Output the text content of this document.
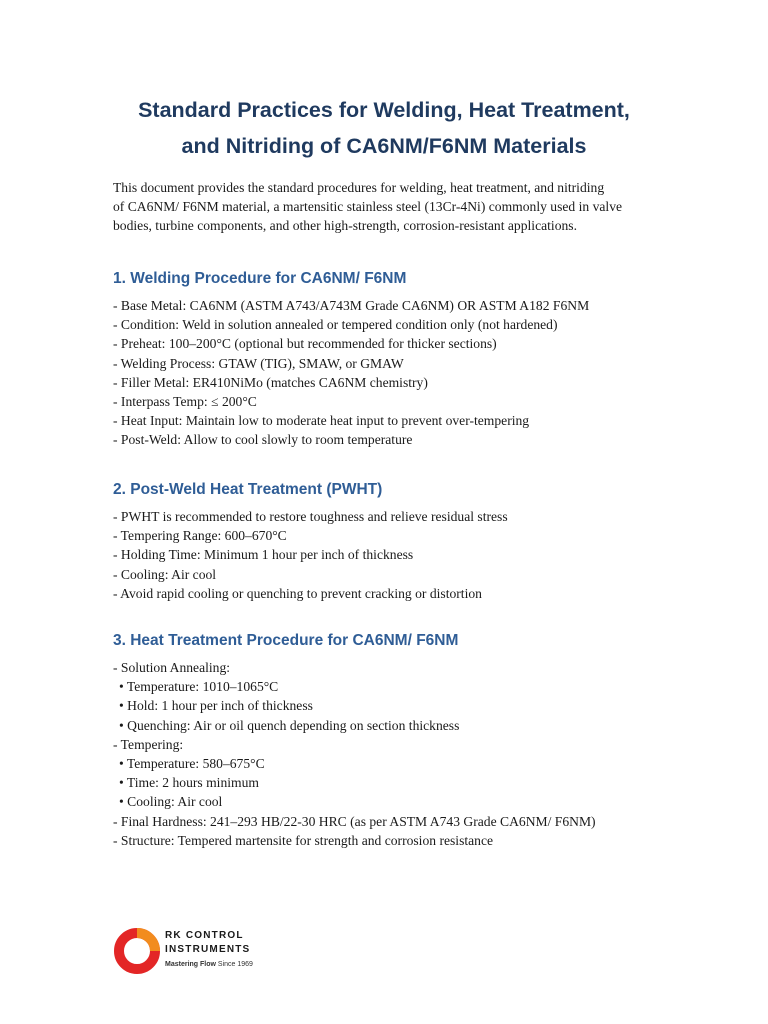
Standard Practices for Welding, Heat Treatment,
and Nitriding of CA6NM/F6NM Materials

This document provides the standard procedures for welding, heat treatment, and nitriding
of CA6NM/ F6NM material, a martensitic stainless steel (13Cr-4Ni) commonly used in valve
bodies, turbine components, and other high-strength, corrosion-resistant applications.

1. Welding Procedure for CA6NM/ F6NM
- Base Metal: CA6NM (ASTM A743/A743M Grade CA6NM) OR ASTM A182 F6NM
- Condition: Weld in solution annealed or tempered condition only (not hardened)
- Preheat: 100–200°C (optional but recommended for thicker sections)
- Welding Process: GTAW (TIG), SMAW, or GMAW
- Filler Metal: ER410NiMo (matches CA6NM chemistry)
- Interpass Temp: ≤ 200°C
- Heat Input: Maintain low to moderate heat input to prevent over-tempering
- Post-Weld: Allow to cool slowly to room temperature
2. Post-Weld Heat Treatment (PWHT)
- PWHT is recommended to restore toughness and relieve residual stress
- Tempering Range: 600–670°C
- Holding Time: Minimum 1 hour per inch of thickness
- Cooling: Air cool
- Avoid rapid cooling or quenching to prevent cracking or distortion
3. Heat Treatment Procedure for CA6NM/ F6NM
- Solution Annealing:
• Temperature: 1010–1065°C
• Hold: 1 hour per inch of thickness
• Quenching: Air or oil quench depending on section thickness
- Tempering:
• Temperature: 580–675°C
• Time: 2 hours minimum
• Cooling: Air cool
- Final Hardness: 241–293 HB/22-30 HRC (as per ASTM A743 Grade CA6NM/ F6NM)
- Structure: Tempered martensite for strength and corrosion resistance
RK CONTROL
INSTRUMENTS
Mastering Flow Since 1969
